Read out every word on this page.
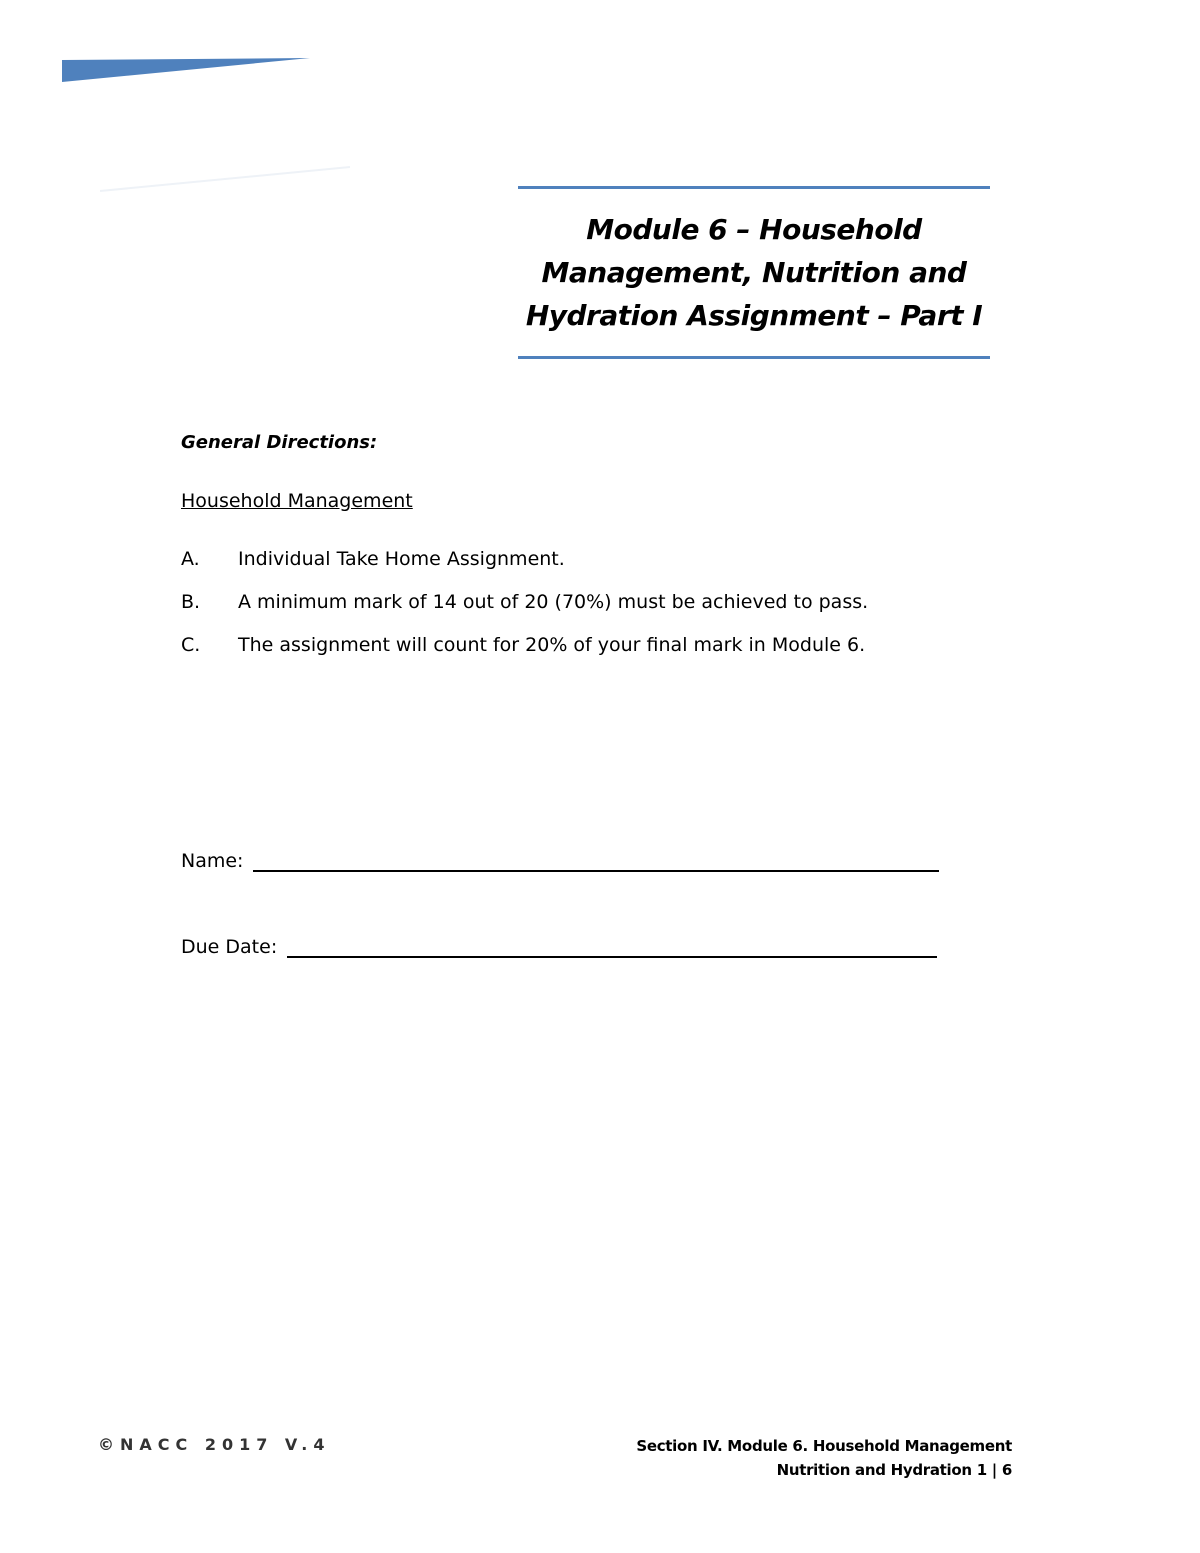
Module 6 – Household
Management, Nutrition and
Hydration Assignment – Part I
General Directions:
Household Management
A.	Individual Take Home Assignment.
B.	A minimum mark of 14 out of 20 (70%) must be achieved to pass.
C.	The assignment will count for 20% of your final mark in Module 6.
Name:
Due Date:
©NACC 2017 V.4	Section IV. Module 6. Household Management
Nutrition and Hydration 1 | 6
